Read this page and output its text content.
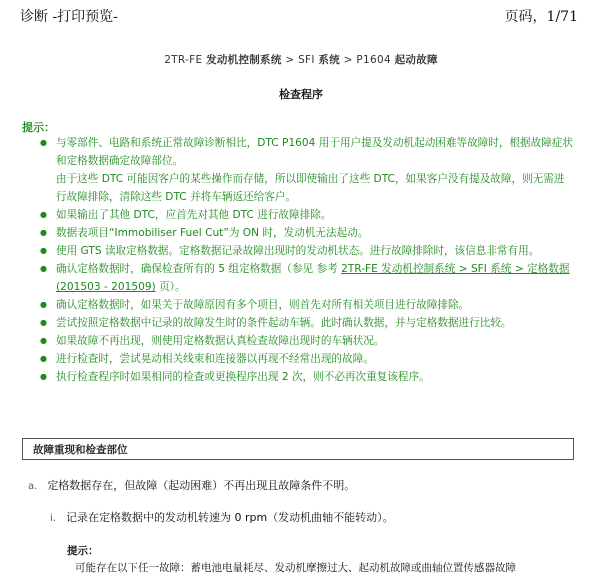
诊断 -打印预览-	页码，1/71
2TR-FE 发动机控制系统 > SFI 系统 > P1604 起动故障
检查程序
提示：
● 与零部件、电路和系统正常故障诊断相比，DTC P1604 用于用户提及发动机起动困难等故障时，根据故障症状和定格数据确定故障部位。
由于这些 DTC 可能因客户的某些操作而存储，所以即使输出了这些 DTC，如果客户没有提及故障，则无需进行故障排除，清除这些 DTC 并将车辆返还给客户。
● 如果输出了其他 DTC，应首先对其他 DTC 进行故障排除。
● 数据表项目“Immobiliser Fuel Cut”为 ON 时，发动机无法起动。
● 使用 GTS 读取定格数据。定格数据记录故障出现时的发动机状态。进行故障排除时，该信息非常有用。
● 确认定格数据时，确保检查所有的 5 组定格数据（参见 参考 2TR-FE 发动机控制系统 > SFI 系统 > 定格数据(201503 - 201509) 页）。
● 确认定格数据时，如果关于故障原因有多个项目，则首先对所有相关项目进行故障排除。
● 尝试按照定格数据中记录的故障发生时的条件起动车辆。此时确认数据，并与定格数据进行比较。
● 如果故障不再出现，则使用定格数据认真检查故障出现时的车辆状况。
● 进行检查时，尝试晃动相关线束和连接器以再现不经常出现的故障。
● 执行检查程序时如果相同的检查或更换程序出现 2 次，则不必再次重复该程序。
故障重现和检查部位
a. 定格数据存在，但故障（起动困难）不再出现且故障条件不明。
i. 记录在定格数据中的发动机转速为 0 rpm（发动机曲轴不能转动）。
提示：
可能存在以下任一故障：蓄电池电量耗尽、发动机摩擦过大、起动机故障或曲轴位置传感器故障
